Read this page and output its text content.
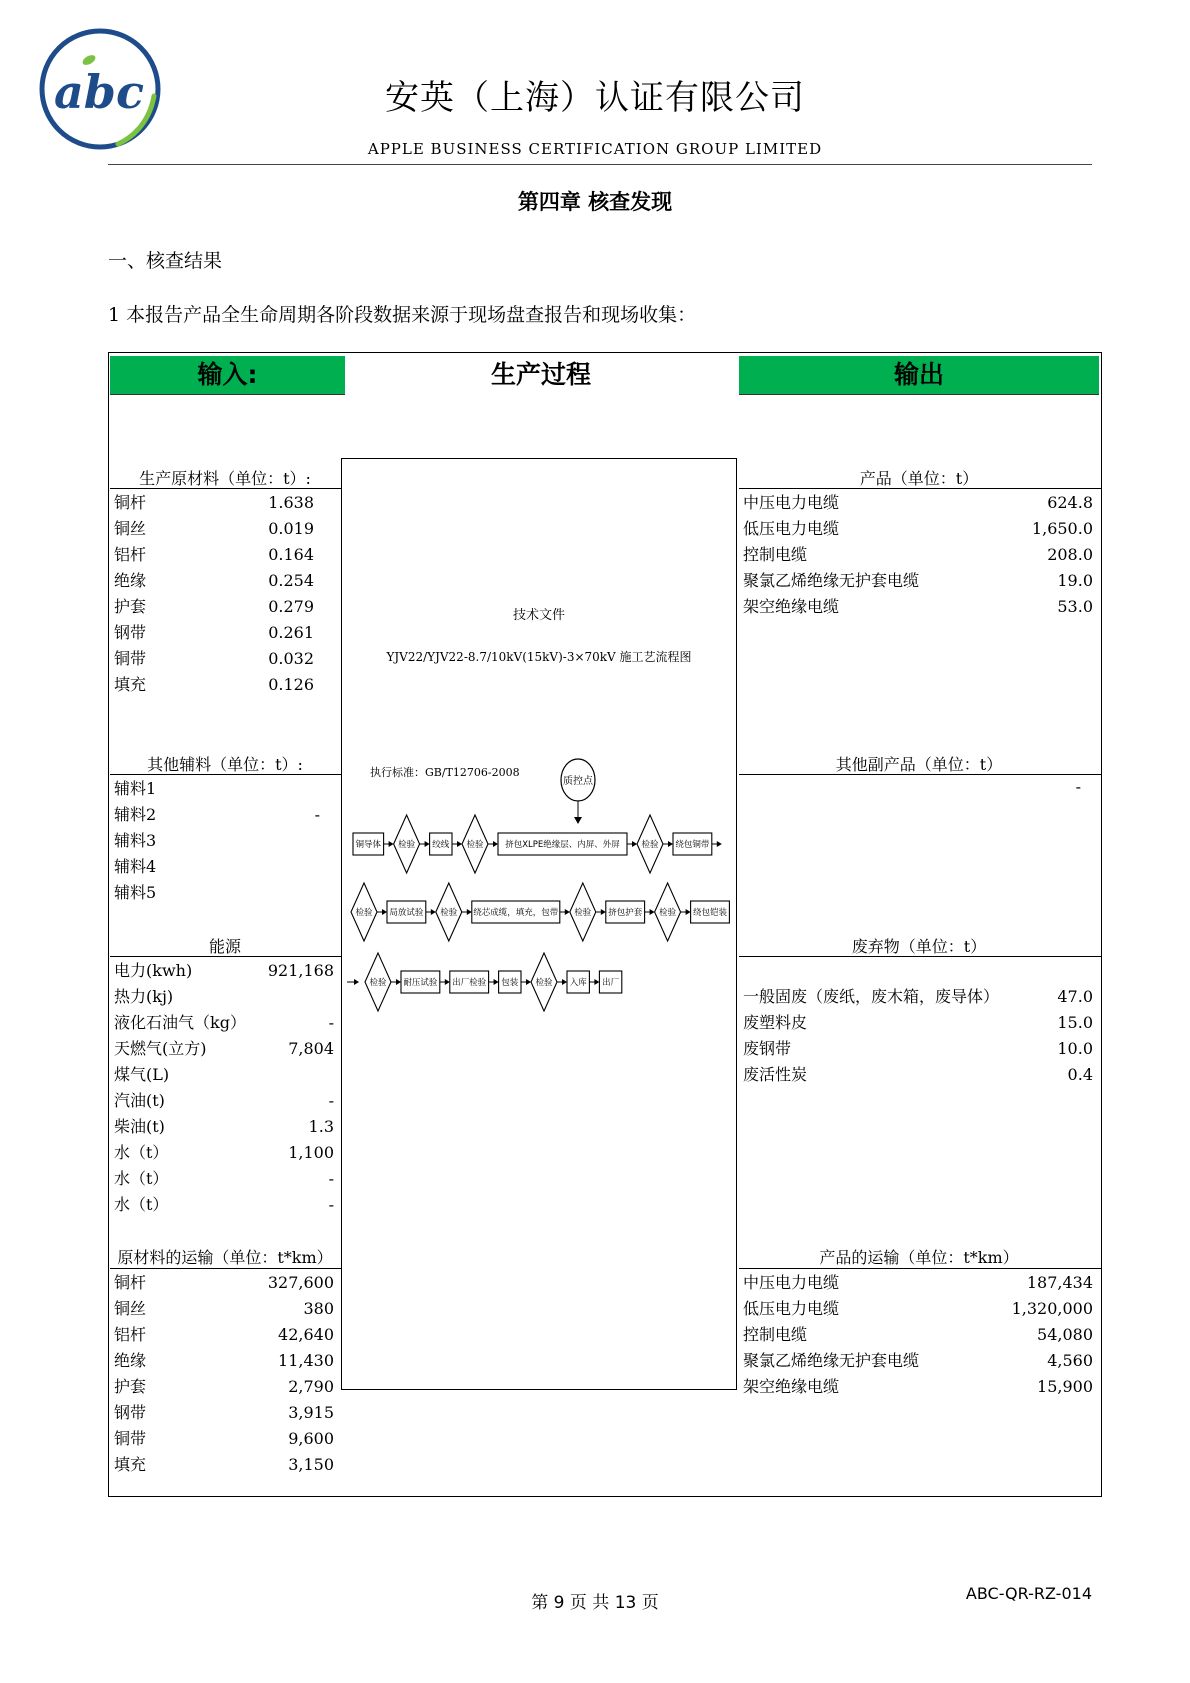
abc	安英（上海）认证有限公司
APPLE BUSINESS CERTIFICATION GROUP LIMITED
第四章 核查发现
一、核查结果
1 本报告产品全生命周期各阶段数据来源于现场盘查报告和现场收集：
输入:	生产过程	输出
生产原材料（单位：t）:
铜杆	1.638
铜丝	0.019
铝杆	0.164
绝缘	0.254
护套	0.279
钢带	0.261
铜带	0.032
填充	0.126
其他辅料（单位：t）:
辅料1
辅料2	-
辅料3
辅料4
辅料5
能源
电力(kwh)	921,168
热力(kj)
液化石油气（kg）	-
天燃气(立方)	7,804
煤气(L)
汽油(t)	-
柴油(t)	1.3
水（t）	1,100
水（t）	-
水（t）	-
原材料的运输（单位：t*km）
铜杆	327,600
铜丝	380
铝杆	42,640
绝缘	11,430
护套	2,790
钢带	3,915
铜带	9,600
填充	3,150
产品（单位：t）
中压电力电缆	624.8
低压电力电缆	1,650.0
控制电缆	208.0
聚氯乙烯绝缘无护套电缆	19.0
架空绝缘电缆	53.0
其他副产品（单位：t）
-
废弃物（单位：t）
一般固废（废纸，废木箱，废导体）	47.0
废塑料皮	15.0
废钢带	10.0
废活性炭	0.4
产品的运输（单位：t*km）
中压电力电缆	187,434
低压电力电缆	1,320,000
控制电缆	54,080
聚氯乙烯绝缘无护套电缆	4,560
架空绝缘电缆	15,900
技术文件
YJV22/YJV22-8.7/10kV(15kV)-3×70kV 施工艺流程图
执行标准：GB/T12706-2008
质控点
铜导体 检验 绞线 检验	挤包XLPE绝缘层、内屏、外屏	检验 绕包铜带
检验 局放试验 检验 绕芯成缆，填充，包带 检验 挤包护套 检验 绕包铠装
检验 耐压试验 出厂检验 包装 检验 入库 出厂
第 9 页 共 13 页	ABC-QR-RZ-014
